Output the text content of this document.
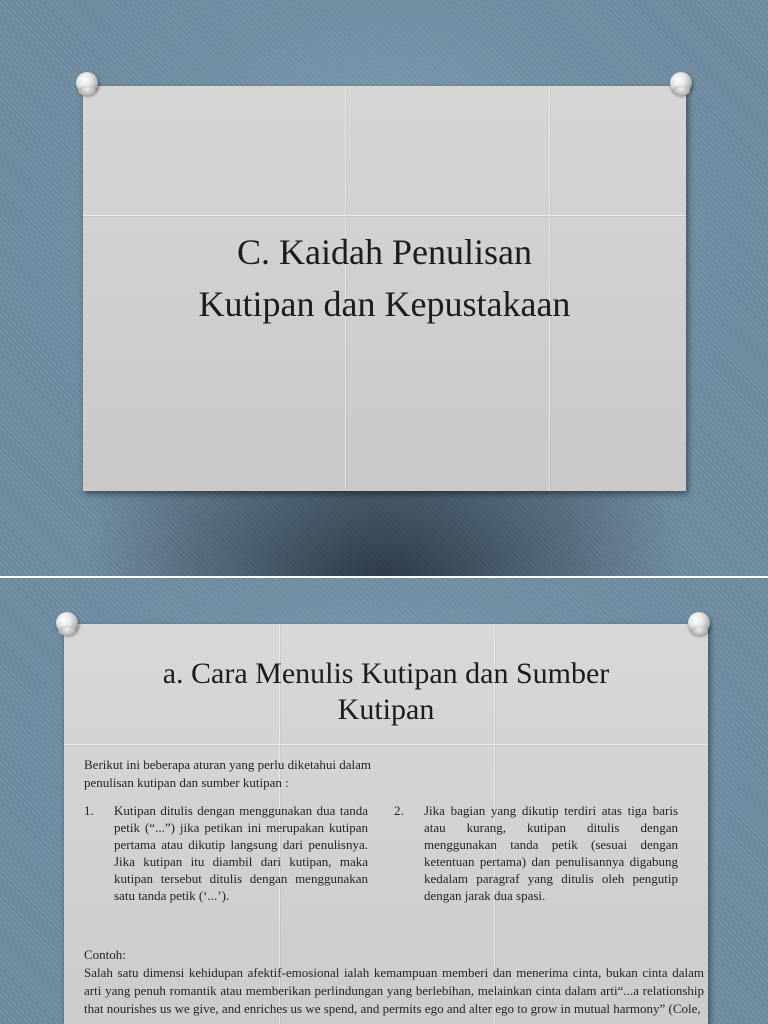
C. Kaidah Penulisan
Kutipan dan Kepustakaan
a. Cara Menulis Kutipan dan Sumber
Kutipan
Berikut ini beberapa aturan yang perlu diketahui dalam
penulisan kutipan dan sumber kutipan :
1. Kutipan ditulis dengan menggunakan dua tanda petik (“...”) jika petikan ini merupakan kutipan pertama atau dikutip langsung dari penulisnya. Jika kutipan itu diambil dari kutipan, maka kutipan tersebut ditulis dengan menggunakan satu tanda petik (‘...’).
2. Jika bagian yang dikutip terdiri atas tiga baris atau kurang, kutipan ditulis dengan menggunakan tanda petik (sesuai dengan ketentuan pertama) dan penulisannya digabung kedalam paragraf yang ditulis oleh pengutip dengan jarak dua spasi.
Contoh:
Salah satu dimensi kehidupan afektif-emosional ialah kemampuan memberi dan menerima cinta, bukan cinta dalam arti yang penuh romantik atau memberikan perlindungan yang berlebihan, melainkan cinta dalam arti“...a relationship that nourishes us we give, and enriches us we spend, and permits ego and alter ego to grow in mutual harmony” (Cole,
